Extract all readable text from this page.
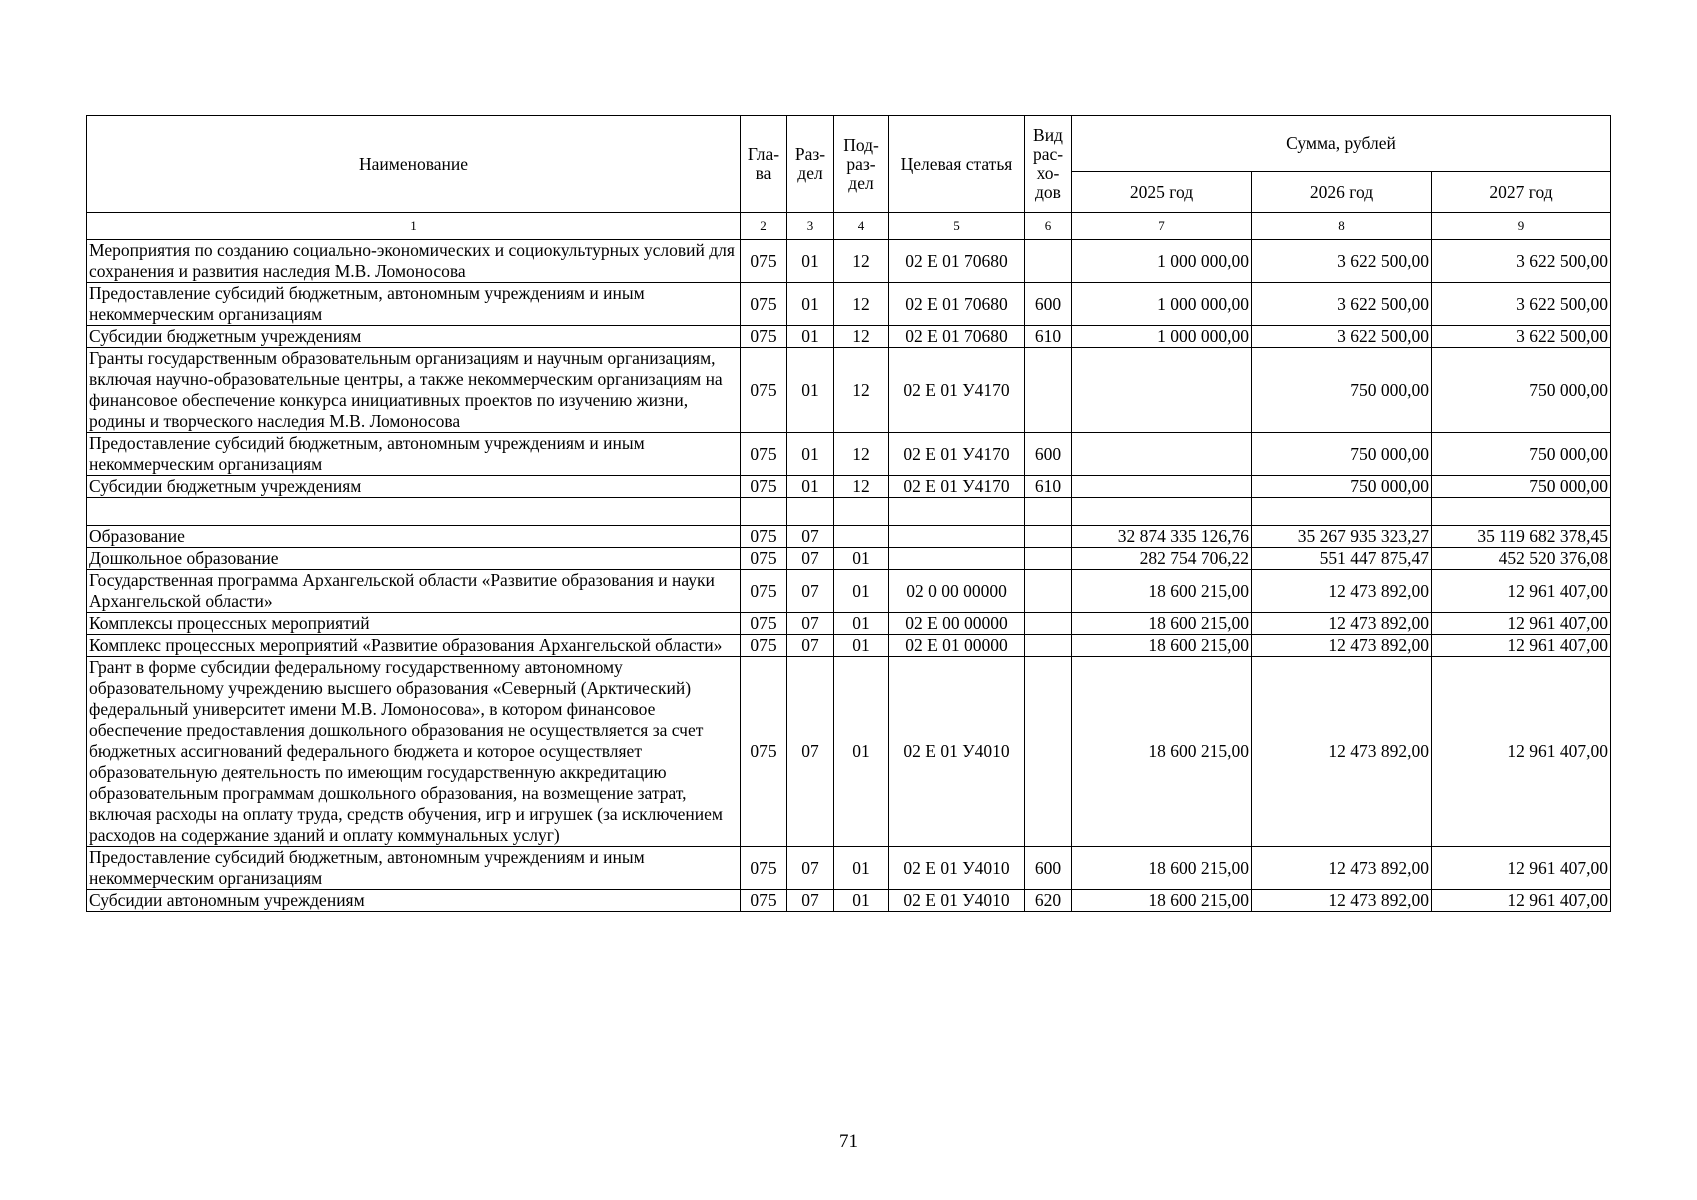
Наименование	Гла-ва	Раз-дел	Под-раз-дел	Целевая статья	Вид рас-хо-дов	Сумма, рублей		
						2025 год	2026 год	2027 год
1	2	3	4	5	6	7	8	9
Мероприятия по созданию социально-экономических и социокультурных условий для сохранения и развития наследия М.В. Ломоносова	075	01	12	02 Е 01 70680		1 000 000,00	3 622 500,00	3 622 500,00
Предоставление субсидий бюджетным, автономным учреждениям и иным некоммерческим организациям	075	01	12	02 Е 01 70680	600	1 000 000,00	3 622 500,00	3 622 500,00
Субсидии бюджетным учреждениям	075	01	12	02 Е 01 70680	610	1 000 000,00	3 622 500,00	3 622 500,00
Гранты государственным образовательным организациям и научным организациям, включая научно-образовательные центры, а также некоммерческим организациям на финансовое обеспечение конкурса инициативных проектов по изучению жизни, родины и творческого наследия М.В. Ломоносова	075	01	12	02 Е 01 У4170			750 000,00	750 000,00
Предоставление субсидий бюджетным, автономным учреждениям и иным некоммерческим организациям	075	01	12	02 Е 01 У4170	600		750 000,00	750 000,00
Субсидии бюджетным учреждениям	075	01	12	02 Е 01 У4170	610		750 000,00	750 000,00

Образование	075	07				32 874 335 126,76	35 267 935 323,27	35 119 682 378,45
Дошкольное образование	075	07	01			282 754 706,22	551 447 875,47	452 520 376,08
Государственная программа Архангельской области «Развитие образования и науки Архангельской области»	075	07	01	02 0 00 00000		18 600 215,00	12 473 892,00	12 961 407,00
Комплексы процессных мероприятий	075	07	01	02 Е 00 00000		18 600 215,00	12 473 892,00	12 961 407,00
Комплекс процессных мероприятий «Развитие образования Архангельской области»	075	07	01	02 Е 01 00000		18 600 215,00	12 473 892,00	12 961 407,00
Грант в форме субсидии федеральному государственному автономному образовательному учреждению высшего образования «Северный (Арктический) федеральный университет имени М.В. Ломоносова», в котором финансовое обеспечение предоставления дошкольного образования не осуществляется за счет бюджетных ассигнований федерального бюджета и которое осуществляет образовательную деятельность по имеющим государственную аккредитацию образовательным программам дошкольного образования, на возмещение затрат, включая расходы на оплату труда, средств обучения, игр и игрушек (за исключением расходов на содержание зданий и оплату коммунальных услуг)	075	07	01	02 Е 01 У4010		18 600 215,00	12 473 892,00	12 961 407,00
Предоставление субсидий бюджетным, автономным учреждениям и иным некоммерческим организациям	075	07	01	02 Е 01 У4010	600	18 600 215,00	12 473 892,00	12 961 407,00
Субсидии автономным учреждениям	075	07	01	02 Е 01 У4010	620	18 600 215,00	12 473 892,00	12 961 407,00
71
